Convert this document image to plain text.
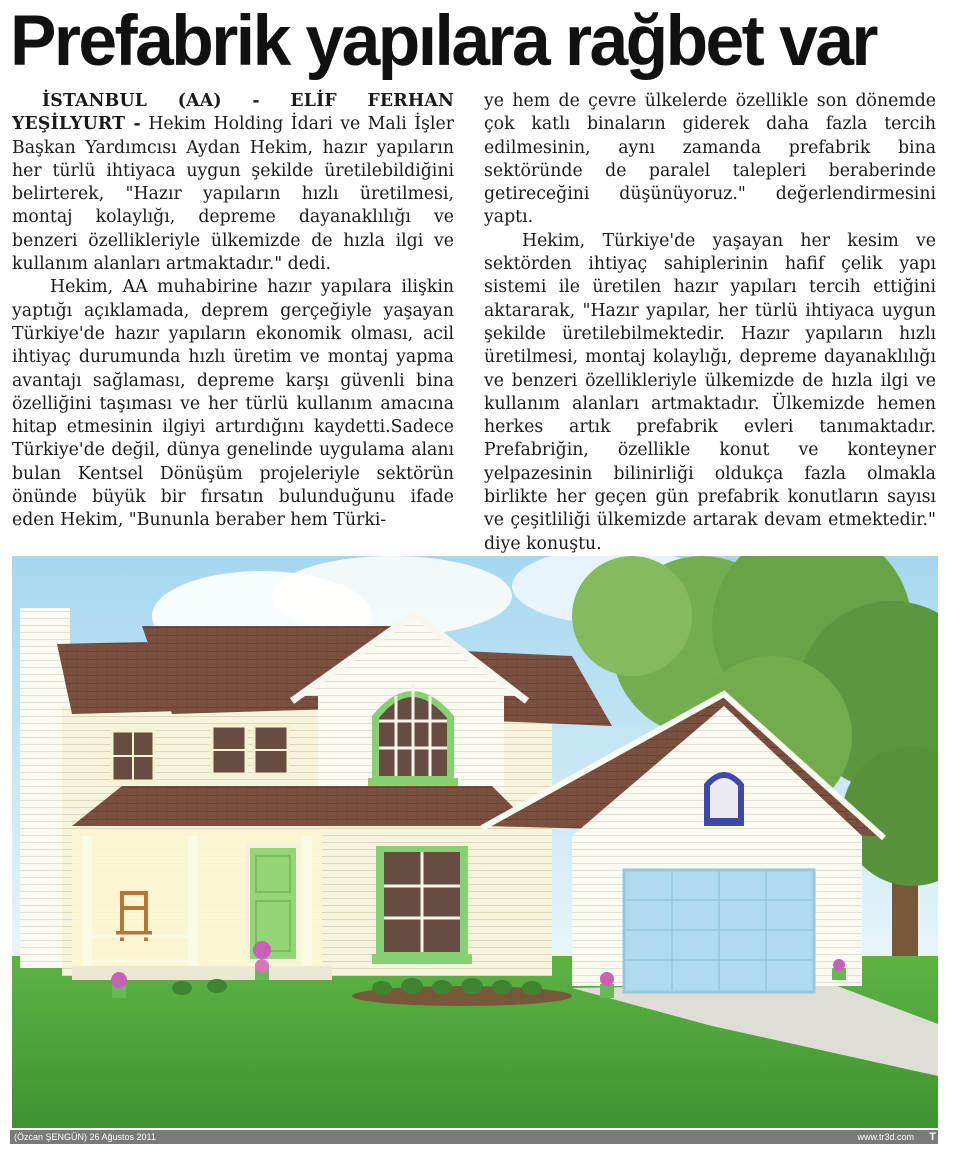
Prefabrik yapılara rağbet var

İSTANBUL (AA) - ELİF FERHAN YEŞİLYURT - Hekim Holding İdari ve Mali İşler Başkan Yardımcısı Aydan Hekim, hazır yapıların her türlü ihtiyaca uygun şekilde üretilebildiğini belirterek, "Hazır yapıların hızlı üretilmesi, montaj kolaylığı, depreme dayanaklılığı ve benzeri özellikleriyle ülkemizde de hızla ilgi ve kullanım alanları artmaktadır." dedi.

Hekim, AA muhabirine hazır yapılara ilişkin yaptığı açıklamada, deprem gerçeğiyle yaşayan Türkiye'de hazır yapıların ekonomik olması, acil ihtiyaç durumunda hızlı üretim ve montaj yapma avantajı sağlaması, depreme karşı güvenli bina özelliğini taşıması ve her türlü kullanım amacına hitap etmesinin ilgiyi artırdığını kaydetti.Sadece Türkiye'de değil, dünya genelinde uygulama alanı bulan Kentsel Dönüşüm projeleriyle sektörün önünde büyük bir fırsatın bulunduğunu ifade eden Hekim, "Bununla beraber hem Türki-

ye hem de çevre ülkelerde özellikle son dönemde çok katlı binaların giderek daha fazla tercih edilmesinin, aynı zamanda prefabrik bina sektöründe de paralel talepleri beraberinde getireceğini düşünüyoruz." değerlendirmesini yaptı.

Hekim, Türkiye'de yaşayan her kesim ve sektörden ihtiyaç sahiplerinin hafif çelik yapı sistemi ile üretilen hazır yapıları tercih ettiğini aktararak, "Hazır yapılar, her türlü ihtiyaca uygun şekilde üretilebilmektedir. Hazır yapıların hızlı üretilmesi, montaj kolaylığı, depreme dayanaklılığı ve benzeri özellikleriyle ülkemizde de hızla ilgi ve kullanım alanları artmaktadır. Ülkemizde hemen herkes artık prefabrik evleri tanımaktadır. Prefabriğin, özellikle konut ve konteyner yelpazesinin bilinirliği oldukça fazla olmakla birlikte her geçen gün prefabrik konutların sayısı ve çeşitliliği ülkemizde artarak devam etmektedir." diye konuştu.

(Özcan ŞENGÜN) 26 Ağustos 2011	www.tr3d.com T
